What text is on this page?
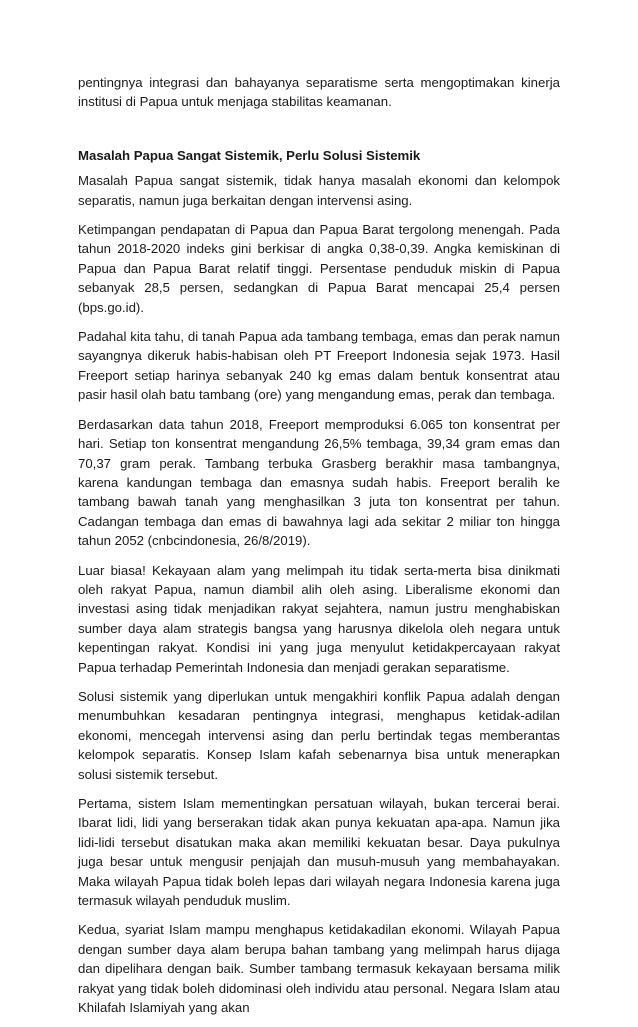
pentingnya integrasi dan bahayanya separatisme serta mengoptimakan kinerja institusi di Papua untuk menjaga stabilitas keamanan.

Masalah Papua Sangat Sistemik, Perlu Solusi Sistemik

Masalah Papua sangat sistemik, tidak hanya masalah ekonomi dan kelompok separatis, namun juga berkaitan dengan intervensi asing.

Ketimpangan pendapatan di Papua dan Papua Barat tergolong menengah. Pada tahun 2018-2020 indeks gini berkisar di angka 0,38-0,39. Angka kemiskinan di Papua dan Papua Barat relatif tinggi. Persentase penduduk miskin di Papua sebanyak 28,5 persen, sedangkan di Papua Barat mencapai 25,4 persen (bps.go.id).

Padahal kita tahu, di tanah Papua ada tambang tembaga, emas dan perak namun sayangnya dikeruk habis-habisan oleh PT Freeport Indonesia sejak 1973. Hasil Freeport setiap harinya sebanyak 240 kg emas dalam bentuk konsentrat atau pasir hasil olah batu tambang (ore) yang mengandung emas, perak dan tembaga.

Berdasarkan data tahun 2018, Freeport memproduksi 6.065 ton konsentrat per hari. Setiap ton konsentrat mengandung 26,5% tembaga, 39,34 gram emas dan 70,37 gram perak. Tambang terbuka Grasberg berakhir masa tambangnya, karena kandungan tembaga dan emasnya sudah habis. Freeport beralih ke tambang bawah tanah yang menghasilkan 3 juta ton konsentrat per tahun. Cadangan tembaga dan emas di bawahnya lagi ada sekitar 2 miliar ton hingga tahun 2052 (cnbcindonesia, 26/8/2019).

Luar biasa! Kekayaan alam yang melimpah itu tidak serta-merta bisa dinikmati oleh rakyat Papua, namun diambil alih oleh asing. Liberalisme ekonomi dan investasi asing tidak menjadikan rakyat sejahtera, namun justru menghabiskan sumber daya alam strategis bangsa yang harusnya dikelola oleh negara untuk kepentingan rakyat. Kondisi ini yang juga menyulut ketidakpercayaan rakyat Papua terhadap Pemerintah Indonesia dan menjadi gerakan separatisme.

Solusi sistemik yang diperlukan untuk mengakhiri konflik Papua adalah dengan menumbuhkan kesadaran pentingnya integrasi, menghapus ketidak-adilan ekonomi, mencegah intervensi asing dan perlu bertindak tegas memberantas kelompok separatis. Konsep Islam kafah sebenarnya bisa untuk menerapkan solusi sistemik tersebut.

Pertama, sistem Islam mementingkan persatuan wilayah, bukan tercerai berai. Ibarat lidi, lidi yang berserakan tidak akan punya kekuatan apa-apa. Namun jika lidi-lidi tersebut disatukan maka akan memiliki kekuatan besar. Daya pukulnya juga besar untuk mengusir penjajah dan musuh-musuh yang membahayakan. Maka wilayah Papua tidak boleh lepas dari wilayah negara Indonesia karena juga termasuk wilayah penduduk muslim.

Kedua, syariat Islam mampu menghapus ketidakadilan ekonomi. Wilayah Papua dengan sumber daya alam berupa bahan tambang yang melimpah harus dijaga dan dipelihara dengan baik. Sumber tambang termasuk kekayaan bersama milik rakyat yang tidak boleh didominasi oleh individu atau personal. Negara Islam atau Khilafah Islamiyah yang akan
